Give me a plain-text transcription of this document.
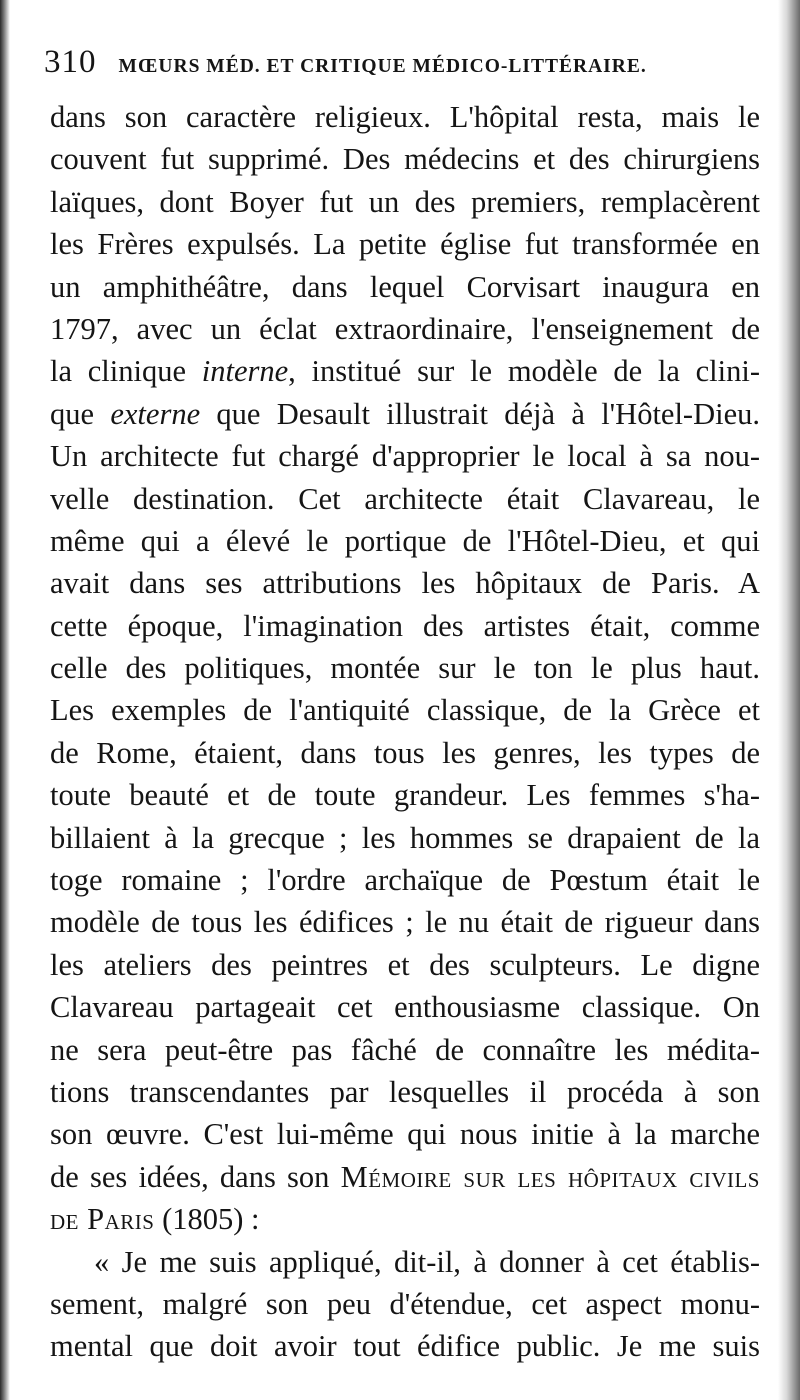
310 MŒURS MÉD. ET CRITIQUE MÉDICO-LITTÉRAIRE.
dans son caractère religieux. L'hôpital resta, mais le
couvent fut supprimé. Des médecins et des chirurgiens
laïques, dont Boyer fut un des premiers, remplacèrent
les Frères expulsés. La petite église fut transformée en
un amphithéâtre, dans lequel Corvisart inaugura en
1797, avec un éclat extraordinaire, l'enseignement de
la clinique interne, institué sur le modèle de la clini-
que externe que Desault illustrait déjà à l'Hôtel-Dieu.
Un architecte fut chargé d'approprier le local à sa nou-
velle destination. Cet architecte était Clavareau, le
même qui a élevé le portique de l'Hôtel-Dieu, et qui
avait dans ses attributions les hôpitaux de Paris. A
cette époque, l'imagination des artistes était, comme
celle des politiques, montée sur le ton le plus haut.
Les exemples de l'antiquité classique, de la Grèce et
de Rome, étaient, dans tous les genres, les types de
toute beauté et de toute grandeur. Les femmes s'ha-
billaient à la grecque ; les hommes se drapaient de la
toge romaine ; l'ordre archaïque de Pœstum était le
modèle de tous les édifices ; le nu était de rigueur dans
les ateliers des peintres et des sculpteurs. Le digne
Clavareau partageait cet enthousiasme classique. On
ne sera peut-être pas fâché de connaître les médita-
tions transcendantes par lesquelles il procéda à son
son œuvre. C'est lui-même qui nous initie à la marche
de ses idées, dans son Mémoire sur les hôpitaux civils
de Paris (1805) :
« Je me suis appliqué, dit-il, à donner à cet établis-
sement, malgré son peu d'étendue, cet aspect monu-
mental que doit avoir tout édifice public. Je me suis
